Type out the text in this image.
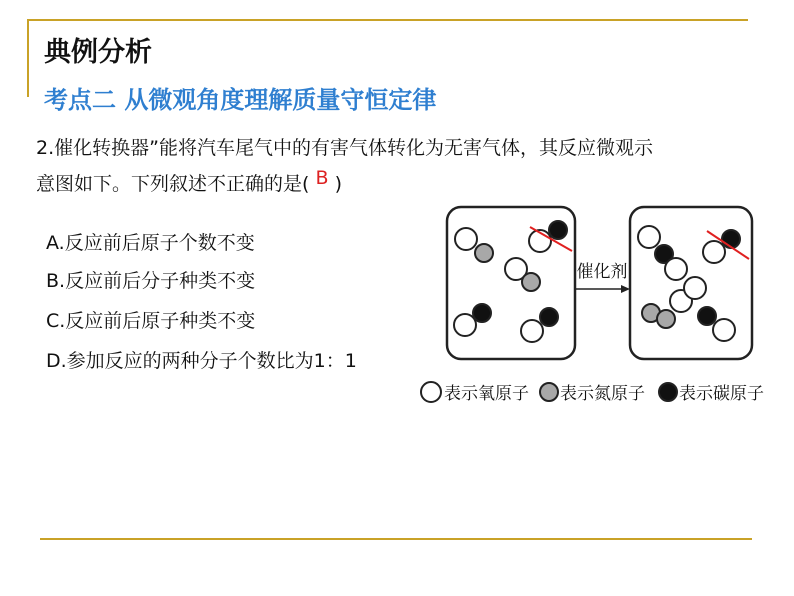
典例分析
考点二 从微观角度理解质量守恒定律
2.催化转换器”能将汽车尾气中的有害气体转化为无害气体，其反应微观示
意图如下。下列叙述不正确的是( B )
A.反应前后原子个数不变
B.反应前后分子种类不变
C.反应前后原子种类不变
D.参加反应的两种分子个数比为1：1
催化剂
表示氧原子 表示氮原子 表示碳原子
